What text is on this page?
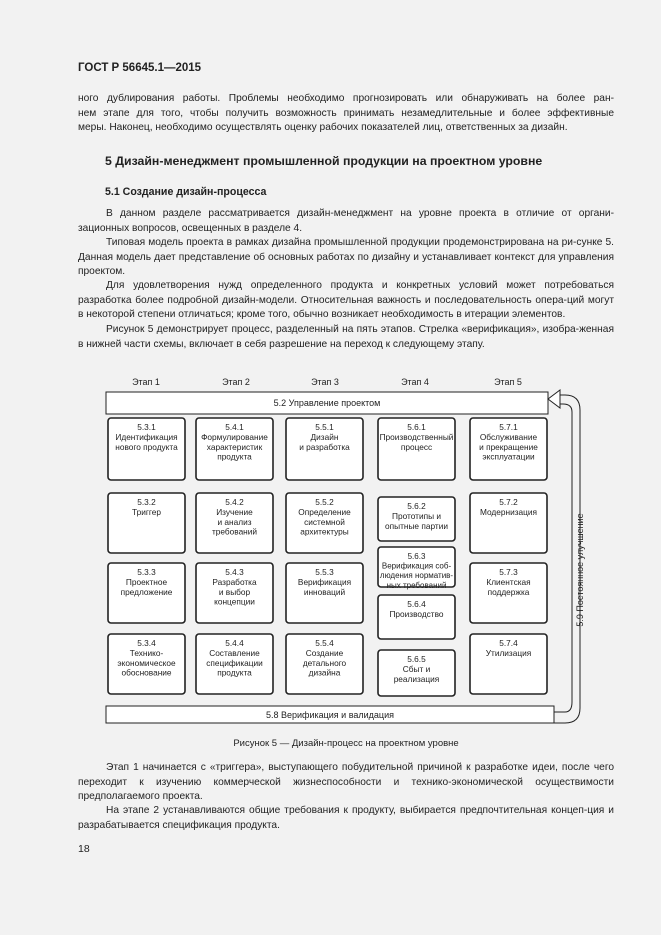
ГОСТ Р 56645.1—2015
ного дублирования работы. Проблемы необходимо прогнозировать или обнаруживать на более ран-
нем этапе для того, чтобы получить возможность принимать незамедлительные и более эффективные
меры. Наконец, необходимо осуществлять оценку рабочих показателей лиц, ответственных за дизайн.
5 Дизайн-менеджмент промышленной продукции на проектном уровне
5.1 Создание дизайн-процесса
В данном разделе рассматривается дизайн-менеджмент на уровне проекта в отличие от органи-зационных вопросов, освещенных в разделе 4.
Типовая модель проекта в рамках дизайна промышленной продукции продемонстрирована на ри-сунке 5. Данная модель дает представление об основных работах по дизайну и устанавливает контекст для управления проектом.
Для удовлетворения нужд определенного продукта и конкретных условий может потребоваться разработка более подробной дизайн-модели. Относительная важность и последовательность опера-ций могут в некоторой степени отличаться; кроме того, обычно возникает необходимость в итерации элементов.
Рисунок 5 демонстрирует процесс, разделенный на пять этапов. Стрелка «верификация», изобра-женная в нижней части схемы, включает в себя разрешение на переход к следующему этапу.
Этап 1	Этап 2	Этап 3	Этап 4	Этап 5
5.2 Управление проектом
5.8 Верификация и валидация
5.9 Постоянное улучшение
5.3.1
Идентификация
нового продукта
5.3.2
Триггер
5.3.3
Проектное
предложение
5.3.4
Технико-
экономическое
обоснование
5.4.1
Формулирование
характеристик
продукта
5.4.2
Изучение
и анализ
требований
5.4.3
Разработка
и выбор
концепции
5.4.4
Составление
спецификации
продукта
5.5.1
Дизайн
и разработка
5.5.2
Определение
системной
архитектуры
5.5.3
Верификация
инноваций
5.5.4
Создание
детального
дизайна
5.6.1
Производственный
процесс
5.6.2
Прототипы и
опытные партии
5.6.3
Верификация соб-
людения норматив-
ных требований
5.6.4
Производство
5.6.5
Сбыт и
реализация
5.7.1
Обслуживание
и прекращение
эксплуатации
5.7.2
Модернизация
5.7.3
Клиентская
поддержка
5.7.4
Утилизация
Рисунок 5 — Дизайн-процесс на проектном уровне
Этап 1 начинается с «триггера», выступающего побудительной причиной к разработке идеи, после чего переходит к изучению коммерческой жизнеспособности и технико-экономической осуществимости предполагаемого проекта.
На этапе 2 устанавливаются общие требования к продукту, выбирается предпочтительная концеп-ция и разрабатывается спецификация продукта.
18
